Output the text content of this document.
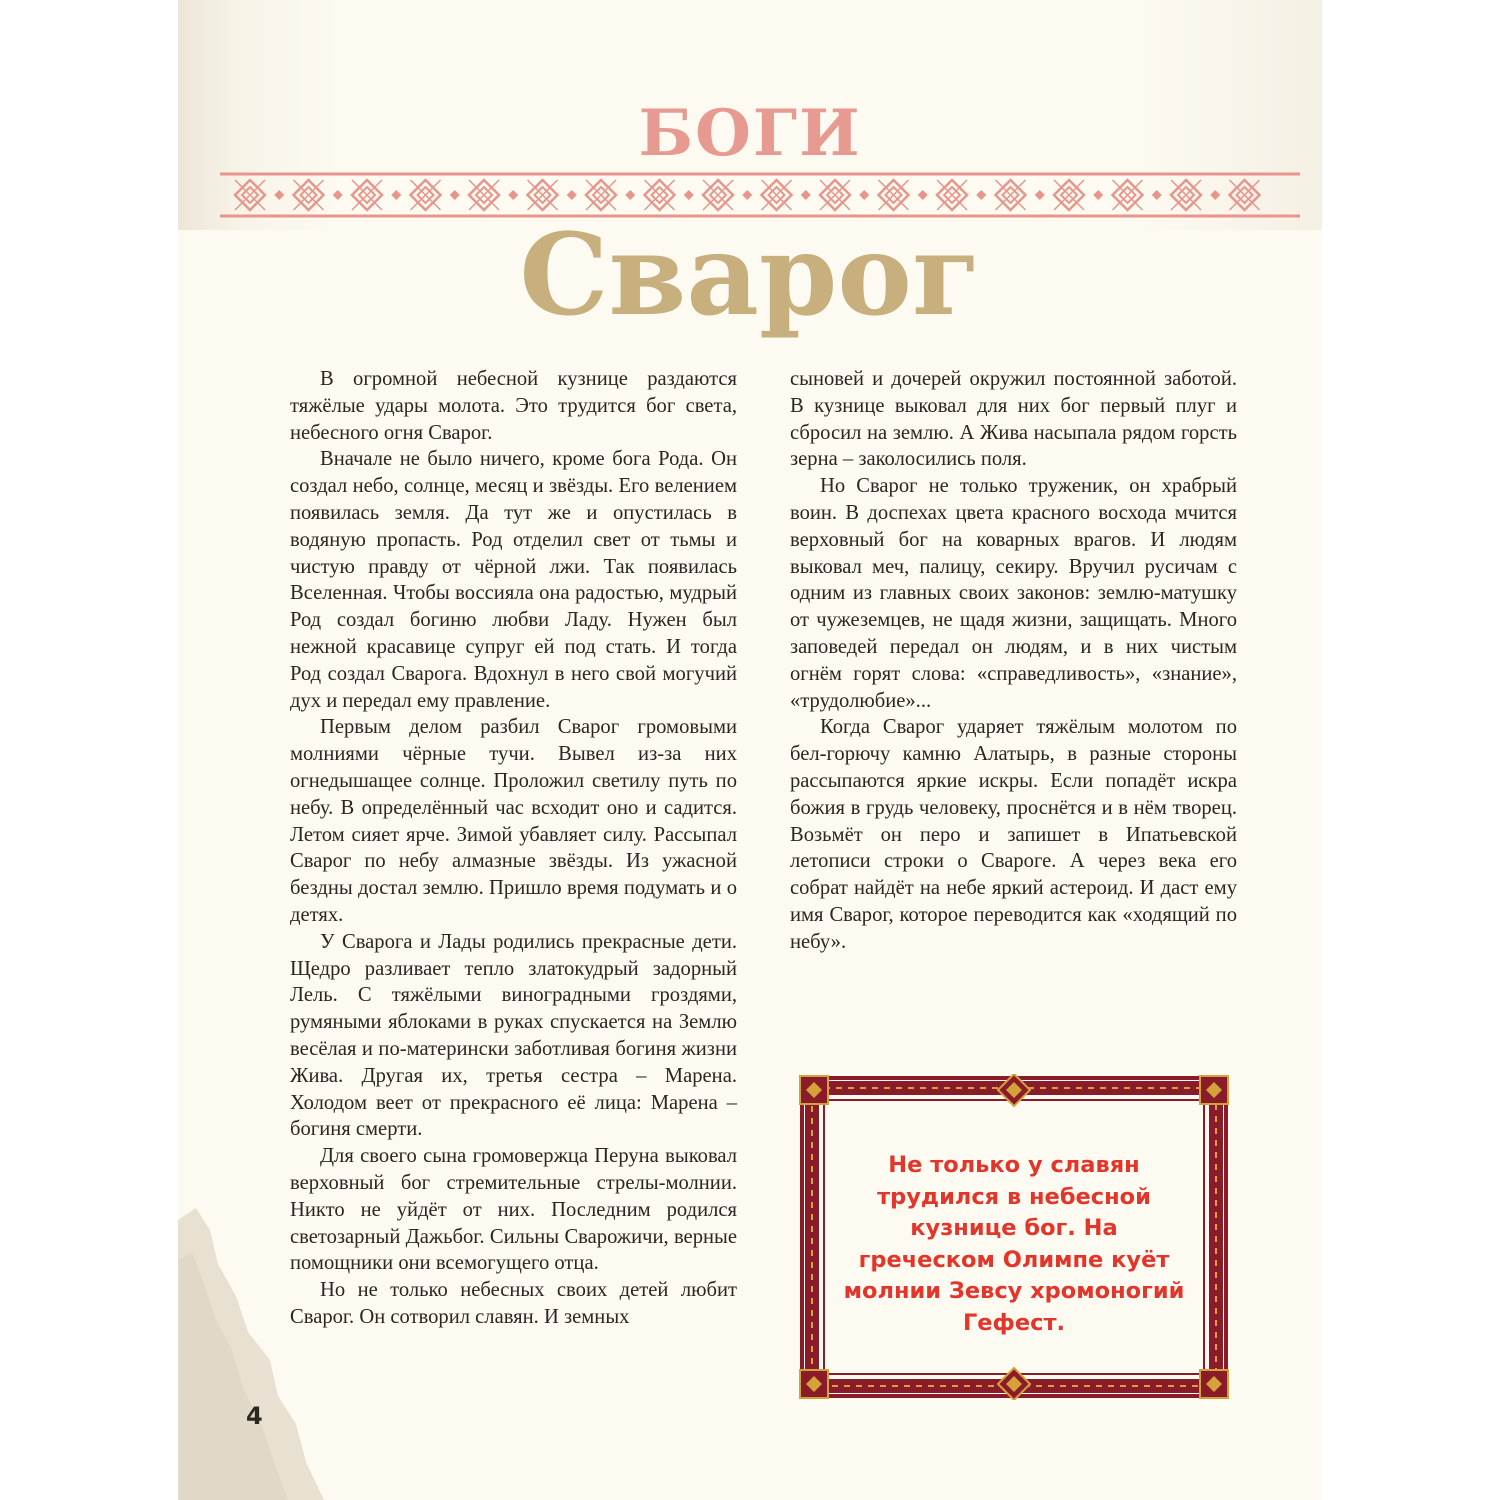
БОГИ
Сварог

В огромной небесной кузнице раздаются тяжёлые удары молота. Это трудится бог света, небесного огня Сварог.

Вначале не было ничего, кроме бога Рода. Он создал небо, солнце, месяц и звёзды. Его велением появилась земля. Да тут же и опустилась в водяную пропасть. Род отделил свет от тьмы и чистую правду от чёрной лжи. Так появилась Вселенная. Чтобы воссияла она радостью, мудрый Род создал богиню любви Ладу. Нужен был нежной красавице супруг ей под стать. И тогда Род создал Сварога. Вдохнул в него свой могучий дух и передал ему правление.

Первым делом разбил Сварог громовыми молниями чёрные тучи. Вывел из-за них огнедышащее солнце. Проложил светилу путь по небу. В определённый час всходит оно и садится. Летом сияет ярче. Зимой убавляет силу. Рассыпал Сварог по небу алмазные звёзды. Из ужасной бездны достал землю. Пришло время подумать и о детях.

У Сварога и Лады родились прекрасные дети. Щедро разливает тепло златокудрый задорный Лель. С тяжёлыми виноградными гроздями, румяными яблоками в руках спускается на Землю весёлая и по-матерински заботливая богиня жизни Жива. Другая их, третья сестра – Марена. Холодом веет от прекрасного её лица: Марена – богиня смерти.

Для своего сына громовержца Перуна выковал верховный бог стремительные стрелы-молнии. Никто не уйдёт от них. Последним родился светозарный Дажьбог. Сильны Сварожичи, верные помощники они всемогущего отца.

Но не только небесных своих детей любит Сварог. Он сотворил славян. И земных

сыновей и дочерей окружил постоянной заботой. В кузнице выковал для них бог первый плуг и сбросил на землю. А Жива насыпала рядом горсть зерна – заколосились поля.

Но Сварог не только труженик, он храбрый воин. В доспехах цвета красного восхода мчится верховный бог на коварных врагов. И людям выковал меч, палицу, секиру. Вручил русичам с одним из главных своих законов: землю-матушку от чужеземцев, не щадя жизни, защищать. Много заповедей передал он людям, и в них чистым огнём горят слова: «справедливость», «знание», «трудолюбие»...

Когда Сварог ударяет тяжёлым молотом по бел-горючу камню Алатырь, в разные стороны рассыпаются яркие искры. Если попадёт искра божия в грудь человеку, проснётся и в нём творец. Возьмёт он перо и запишет в Ипатьевской летописи строки о Свароге. А через века его собрат найдёт на небе яркий астероид. И даст ему имя Сварог, которое переводится как «ходящий по небу».

Не только у славян трудился в небесной кузнице бог. На греческом Олимпе куёт молнии Зевсу хромоногий Гефест.
4
